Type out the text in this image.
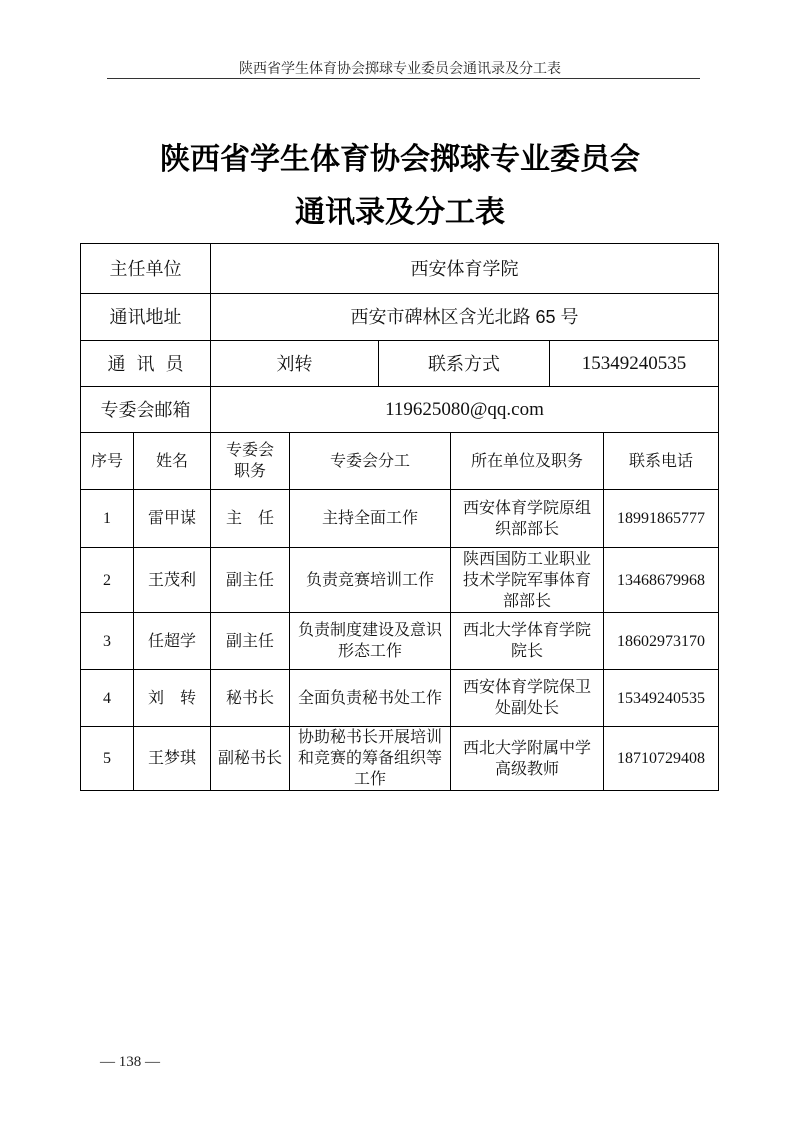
陕西省学生体育协会掷球专业委员会通讯录及分工表
陕西省学生体育协会掷球专业委员会
通讯录及分工表
主任单位		西安体育学院					
通讯地址		西安市碑林区含光北路 65 号					
通 讯 员		刘转		联系方式		15349240535	
专委会邮箱		119625080@qq.com					
序号	姓名	专委会职务	专委会分工		所在单位及职务		联系电话
1	雷甲谋	主　任	主持全面工作		西安体育学院原组织部部长		18991865777
2	王茂利	副主任	负责竞赛培训工作		陕西国防工业职业技术学院军事体育部部长		13468679968
3	任超学	副主任	负责制度建设及意识形态工作		西北大学体育学院院长		18602973170
4	刘　转	秘书长	全面负责秘书处工作		西安体育学院保卫处副处长		15349240535
5	王梦琪	副秘书长	协助秘书长开展培训和竞赛的筹备组织等工作		西北大学附属中学高级教师		18710729408
— 138 —
